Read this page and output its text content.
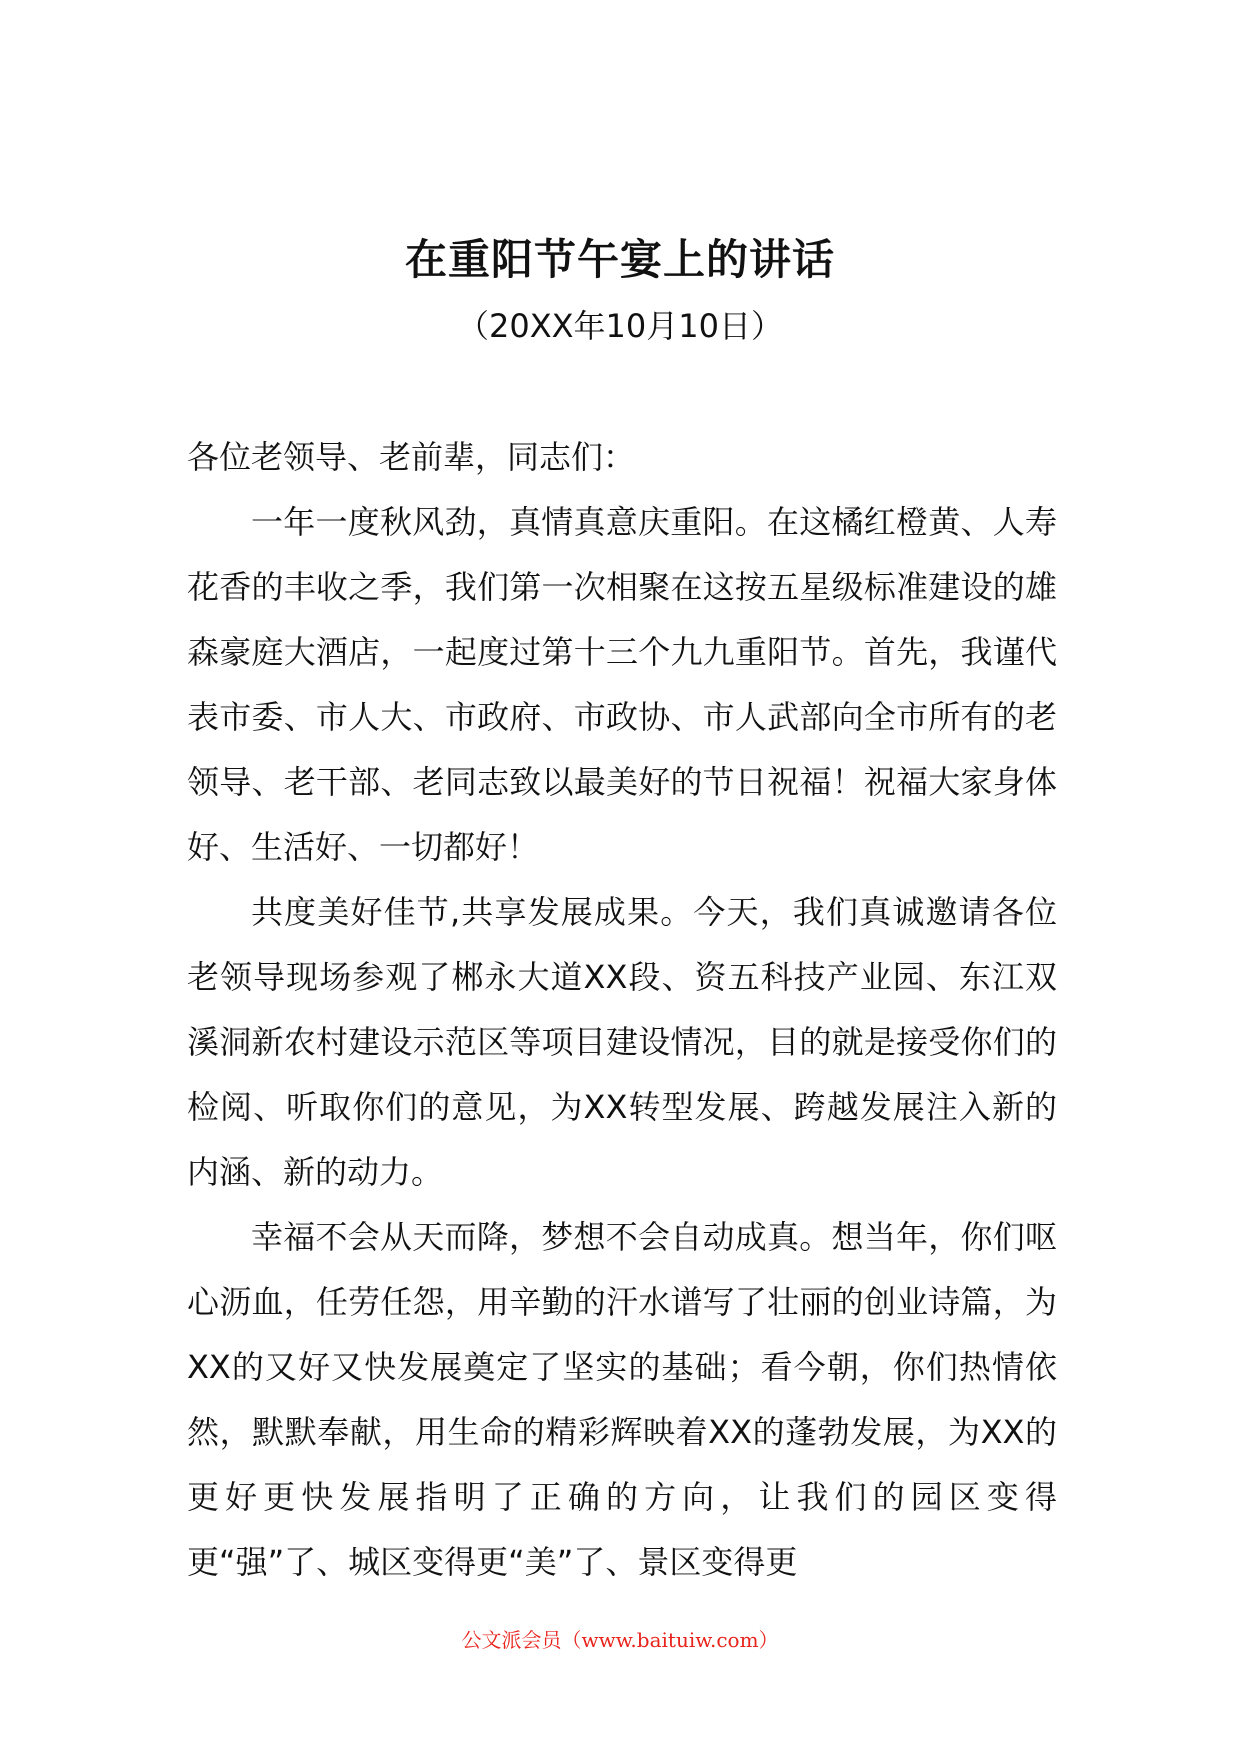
在重阳节午宴上的讲话
（20XX年10月10日）

各位老领导、老前辈，同志们：

一年一度秋风劲，真情真意庆重阳。在这橘红橙黄、人寿花香的丰收之季，我们第一次相聚在这按五星级标准建设的雄森豪庭大酒店，一起度过第十三个九九重阳节。首先，我谨代表市委、市人大、市政府、市政协、市人武部向全市所有的老领导、老干部、老同志致以最美好的节日祝福！祝福大家身体好、生活好、一切都好！

共度美好佳节,共享发展成果。今天，我们真诚邀请各位老领导现场参观了郴永大道XX段、资五科技产业园、东江双溪洞新农村建设示范区等项目建设情况，目的就是接受你们的检阅、听取你们的意见，为XX转型发展、跨越发展注入新的内涵、新的动力。

幸福不会从天而降，梦想不会自动成真。想当年，你们呕心沥血，任劳任怨，用辛勤的汗水谱写了壮丽的创业诗篇，为XX的又好又快发展奠定了坚实的基础；看今朝，你们热情依然，默默奉献，用生命的精彩辉映着XX的蓬勃发展，为XX的更好更快发展指明了正确的方向，让我们的园区变得更“强”了、城区变得更“美”了、景区变得更

公文派会员（www.baituiw.com）
